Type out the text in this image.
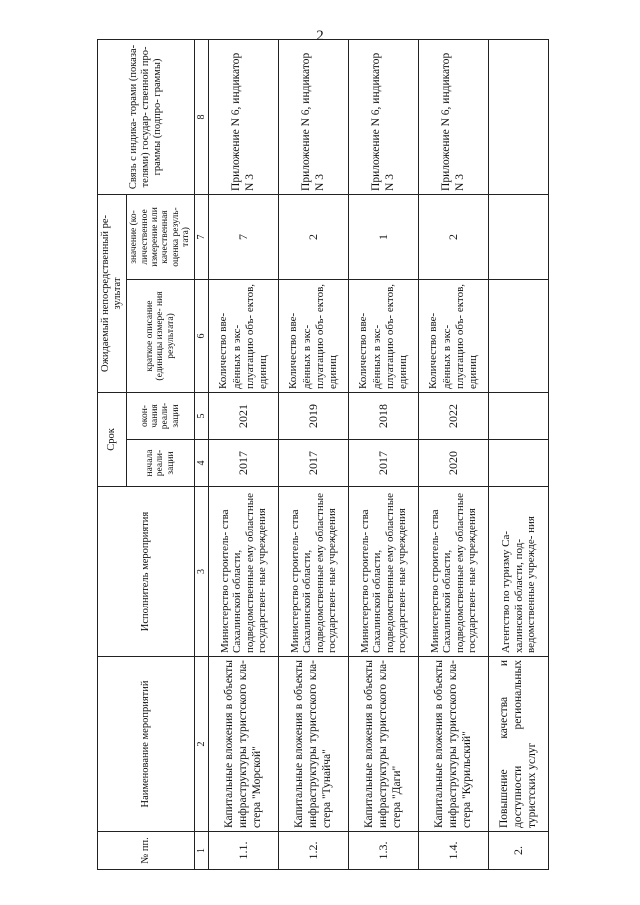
2
№ пп.	Наименование мероприятий	Исполнитель мероприятия	Срок		Ожидаемый непосредственный ре- зультат		Связь с индика- торами (показа- телями) государ- ственной про- граммы (подпро- граммы)
			начала реали- зации	окон- чания реали- зации	краткое описание (единицы измере- ния результата)	значение (ко- личественное измерение или качественная оценка резуль- тата)	
1	2	3	4	5	6	7	8
1.1.	Капитальные вложения в объекты инфраструктуры туристского кла- стера "Морской"	Министерство строитель- ства Сахалинской области, подведомственные ему областные государствен- ные учреждения	2017	2021	Количество вве- дённых в экс- плуатацию объ- ектов, единиц	7	Приложение N 6, индикатор N 3
1.2.	Капитальные вложения в объекты инфраструктуры туристского кла- стера "Тунайча"	Министерство строитель- ства Сахалинской области, подведомственные ему областные государствен- ные учреждения	2017	2019	Количество вве- дённых в экс- плуатацию объ- ектов, единиц	2	Приложение N 6, индикатор N 3
1.3.	Капитальные вложения в объекты инфраструктуры туристского кла- стера "Даги"	Министерство строитель- ства Сахалинской области, подведомственные ему областные государствен- ные учреждения	2017	2018	Количество вве- дённых в экс- плуатацию объ- ектов, единиц	1	Приложение N 6, индикатор N 3
1.4.	Капитальные вложения в объекты инфраструктуры туристского кла- стера "Курильский"	Министерство строитель- ства Сахалинской области, подведомственные ему областные государствен- ные учреждения	2020	2022	Количество вве- дённых в экс- плуатацию объ- ектов, единиц	2	Приложение N 6, индикатор N 3
2.	Повышение качества и доступности региональных туристских услуг	Агентство по туризму Са- халинской области, под- ведомственные учрежде- ния					
